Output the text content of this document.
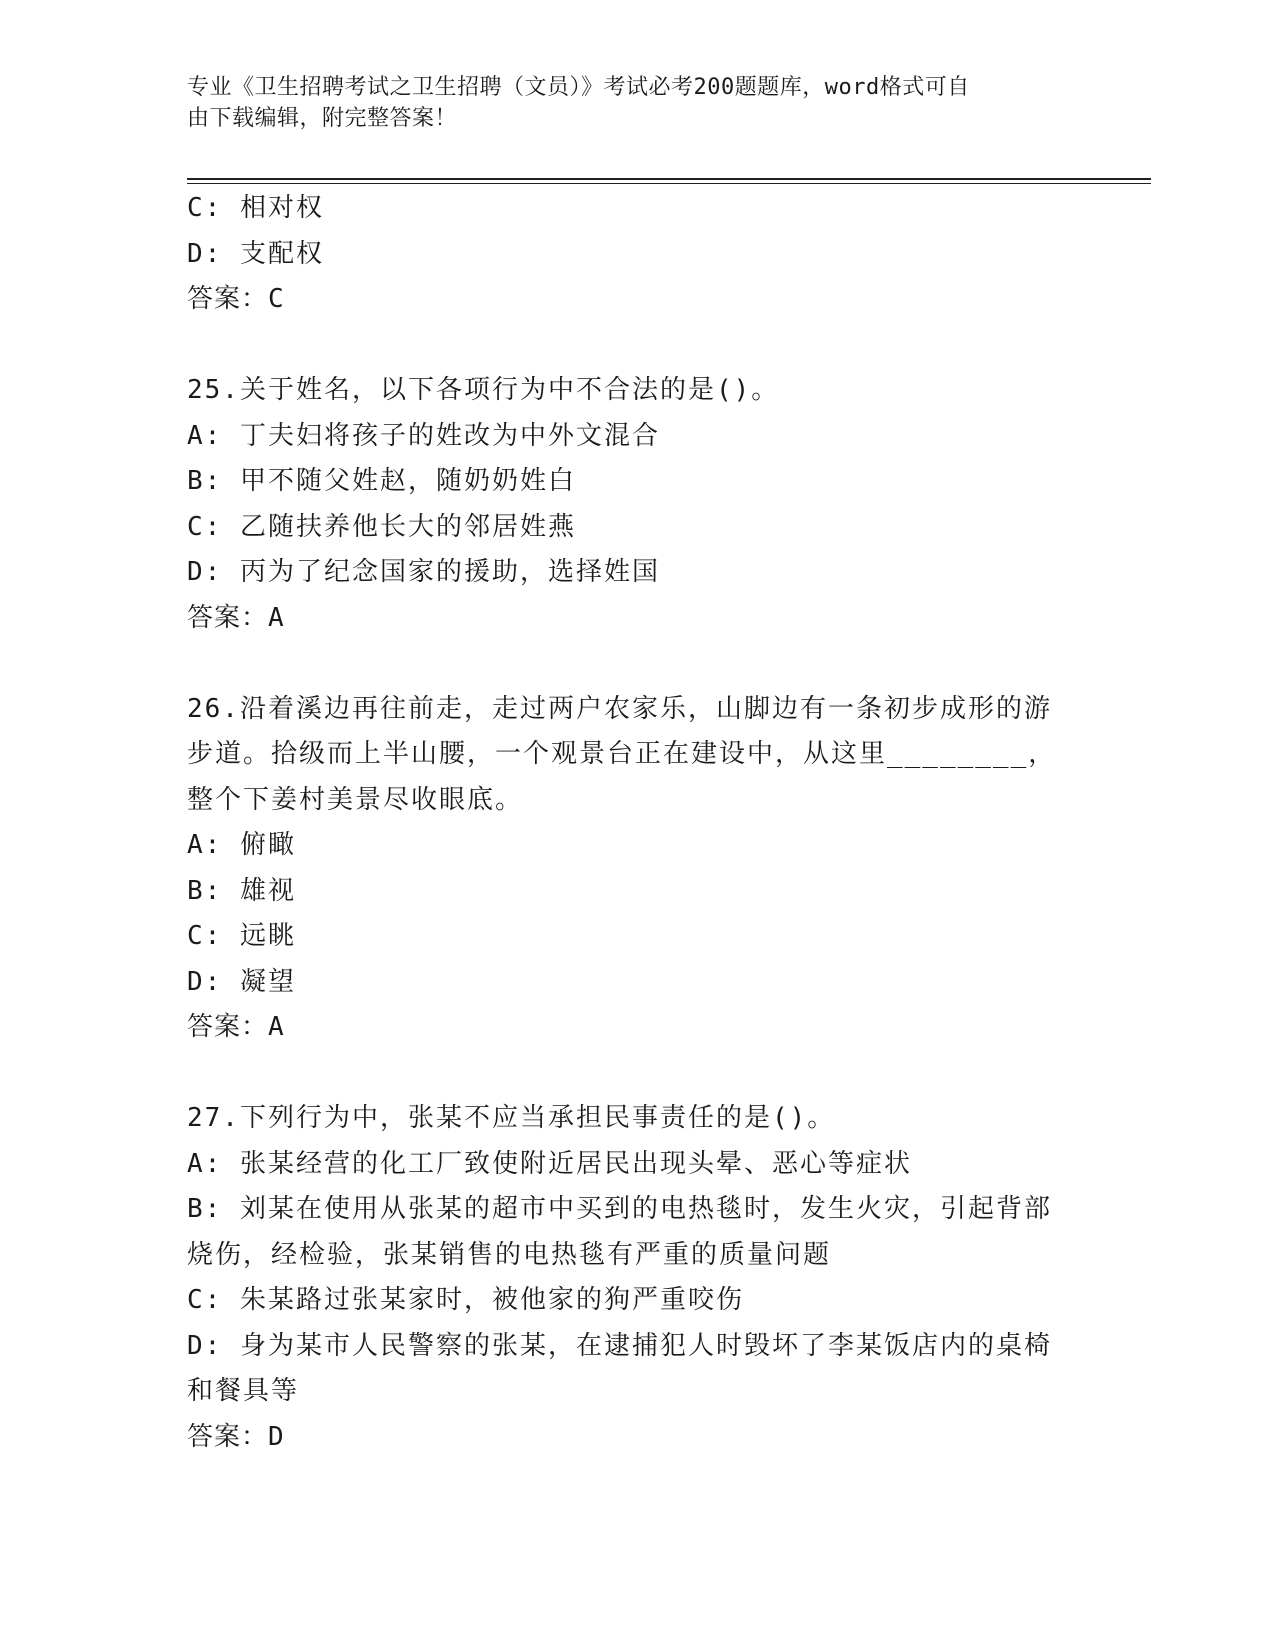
专业《卫生招聘考试之卫生招聘（文员）》考试必考200题题库，word格式可自
由下载编辑，附完整答案！
C: 相对权
D: 支配权
答案：C
25.关于姓名，以下各项行为中不合法的是()。
A: 丁夫妇将孩子的姓改为中外文混合
B: 甲不随父姓赵，随奶奶姓白
C: 乙随扶养他长大的邻居姓燕
D: 丙为了纪念国家的援助，选择姓国
答案：A
26.沿着溪边再往前走，走过两户农家乐，山脚边有一条初步成形的游
步道。拾级而上半山腰，一个观景台正在建设中，从这里________，
整个下姜村美景尽收眼底。
A: 俯瞰
B: 雄视
C: 远眺
D: 凝望
答案：A
27.下列行为中，张某不应当承担民事责任的是()。
A: 张某经营的化工厂致使附近居民出现头晕、恶心等症状
B: 刘某在使用从张某的超市中买到的电热毯时，发生火灾，引起背部
烧伤，经检验，张某销售的电热毯有严重的质量问题
C: 朱某路过张某家时，被他家的狗严重咬伤
D: 身为某市人民警察的张某，在逮捕犯人时毁坏了李某饭店内的桌椅
和餐具等
答案：D
